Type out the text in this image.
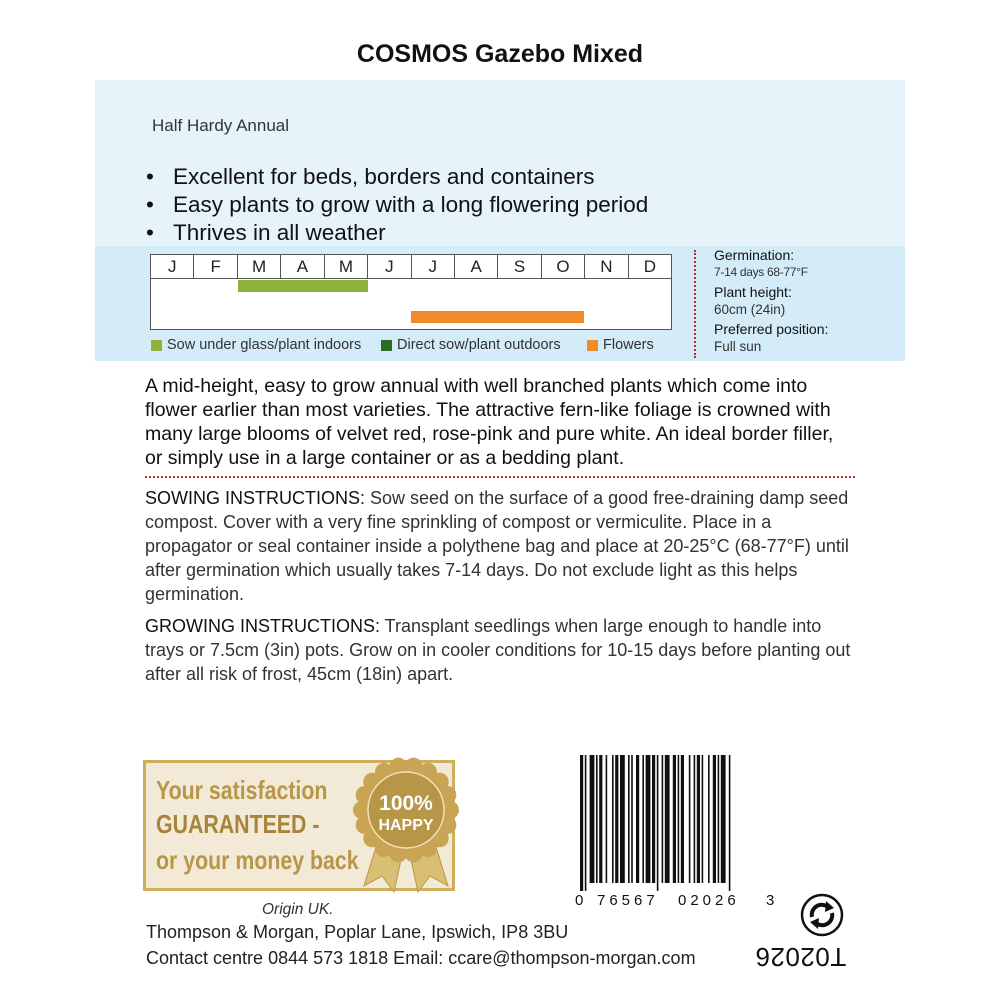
COSMOS Gazebo Mixed
Half Hardy Annual
• Excellent for beds, borders and containers
• Easy plants to grow with a long flowering period
• Thrives in all weather
J	F	M	A	M	J	J	A	S	O	N	D
Sow under glass/plant indoors Direct sow/plant outdoors	Flowers
Germination:
7-14 days 68-77°F
Plant height:
60cm (24in)
Preferred position:
Full sun
A mid-height, easy to grow annual with well branched plants which come into flower earlier than most varieties. The attractive fern-like foliage is crowned with many large blooms of velvet red, rose-pink and pure white. An ideal border filler, or simply use in a large container or as a bedding plant.
SOWING INSTRUCTIONS: Sow seed on the surface of a good free-draining damp seed compost. Cover with a very fine sprinkling of compost or vermiculite. Place in a propagator or seal container inside a polythene bag and place at 20-25°C (68-77°F) until after germination which usually takes 7-14 days. Do not exclude light as this helps germination.
GROWING INSTRUCTIONS: Transplant seedlings when large enough to handle into trays or 7.5cm (3in) pots. Grow on in cooler conditions for 10-15 days before planting out after all risk of frost, 45cm (18in) apart.
Your satisfaction
GUARANTEED -
or your money back
100%
HAPPY
0 76567 02026 3
T02026
Origin UK.
Thompson & Morgan, Poplar Lane, Ipswich, IP8 3BU
Contact centre 0844 573 1818 Email: ccare@thompson-morgan.com
